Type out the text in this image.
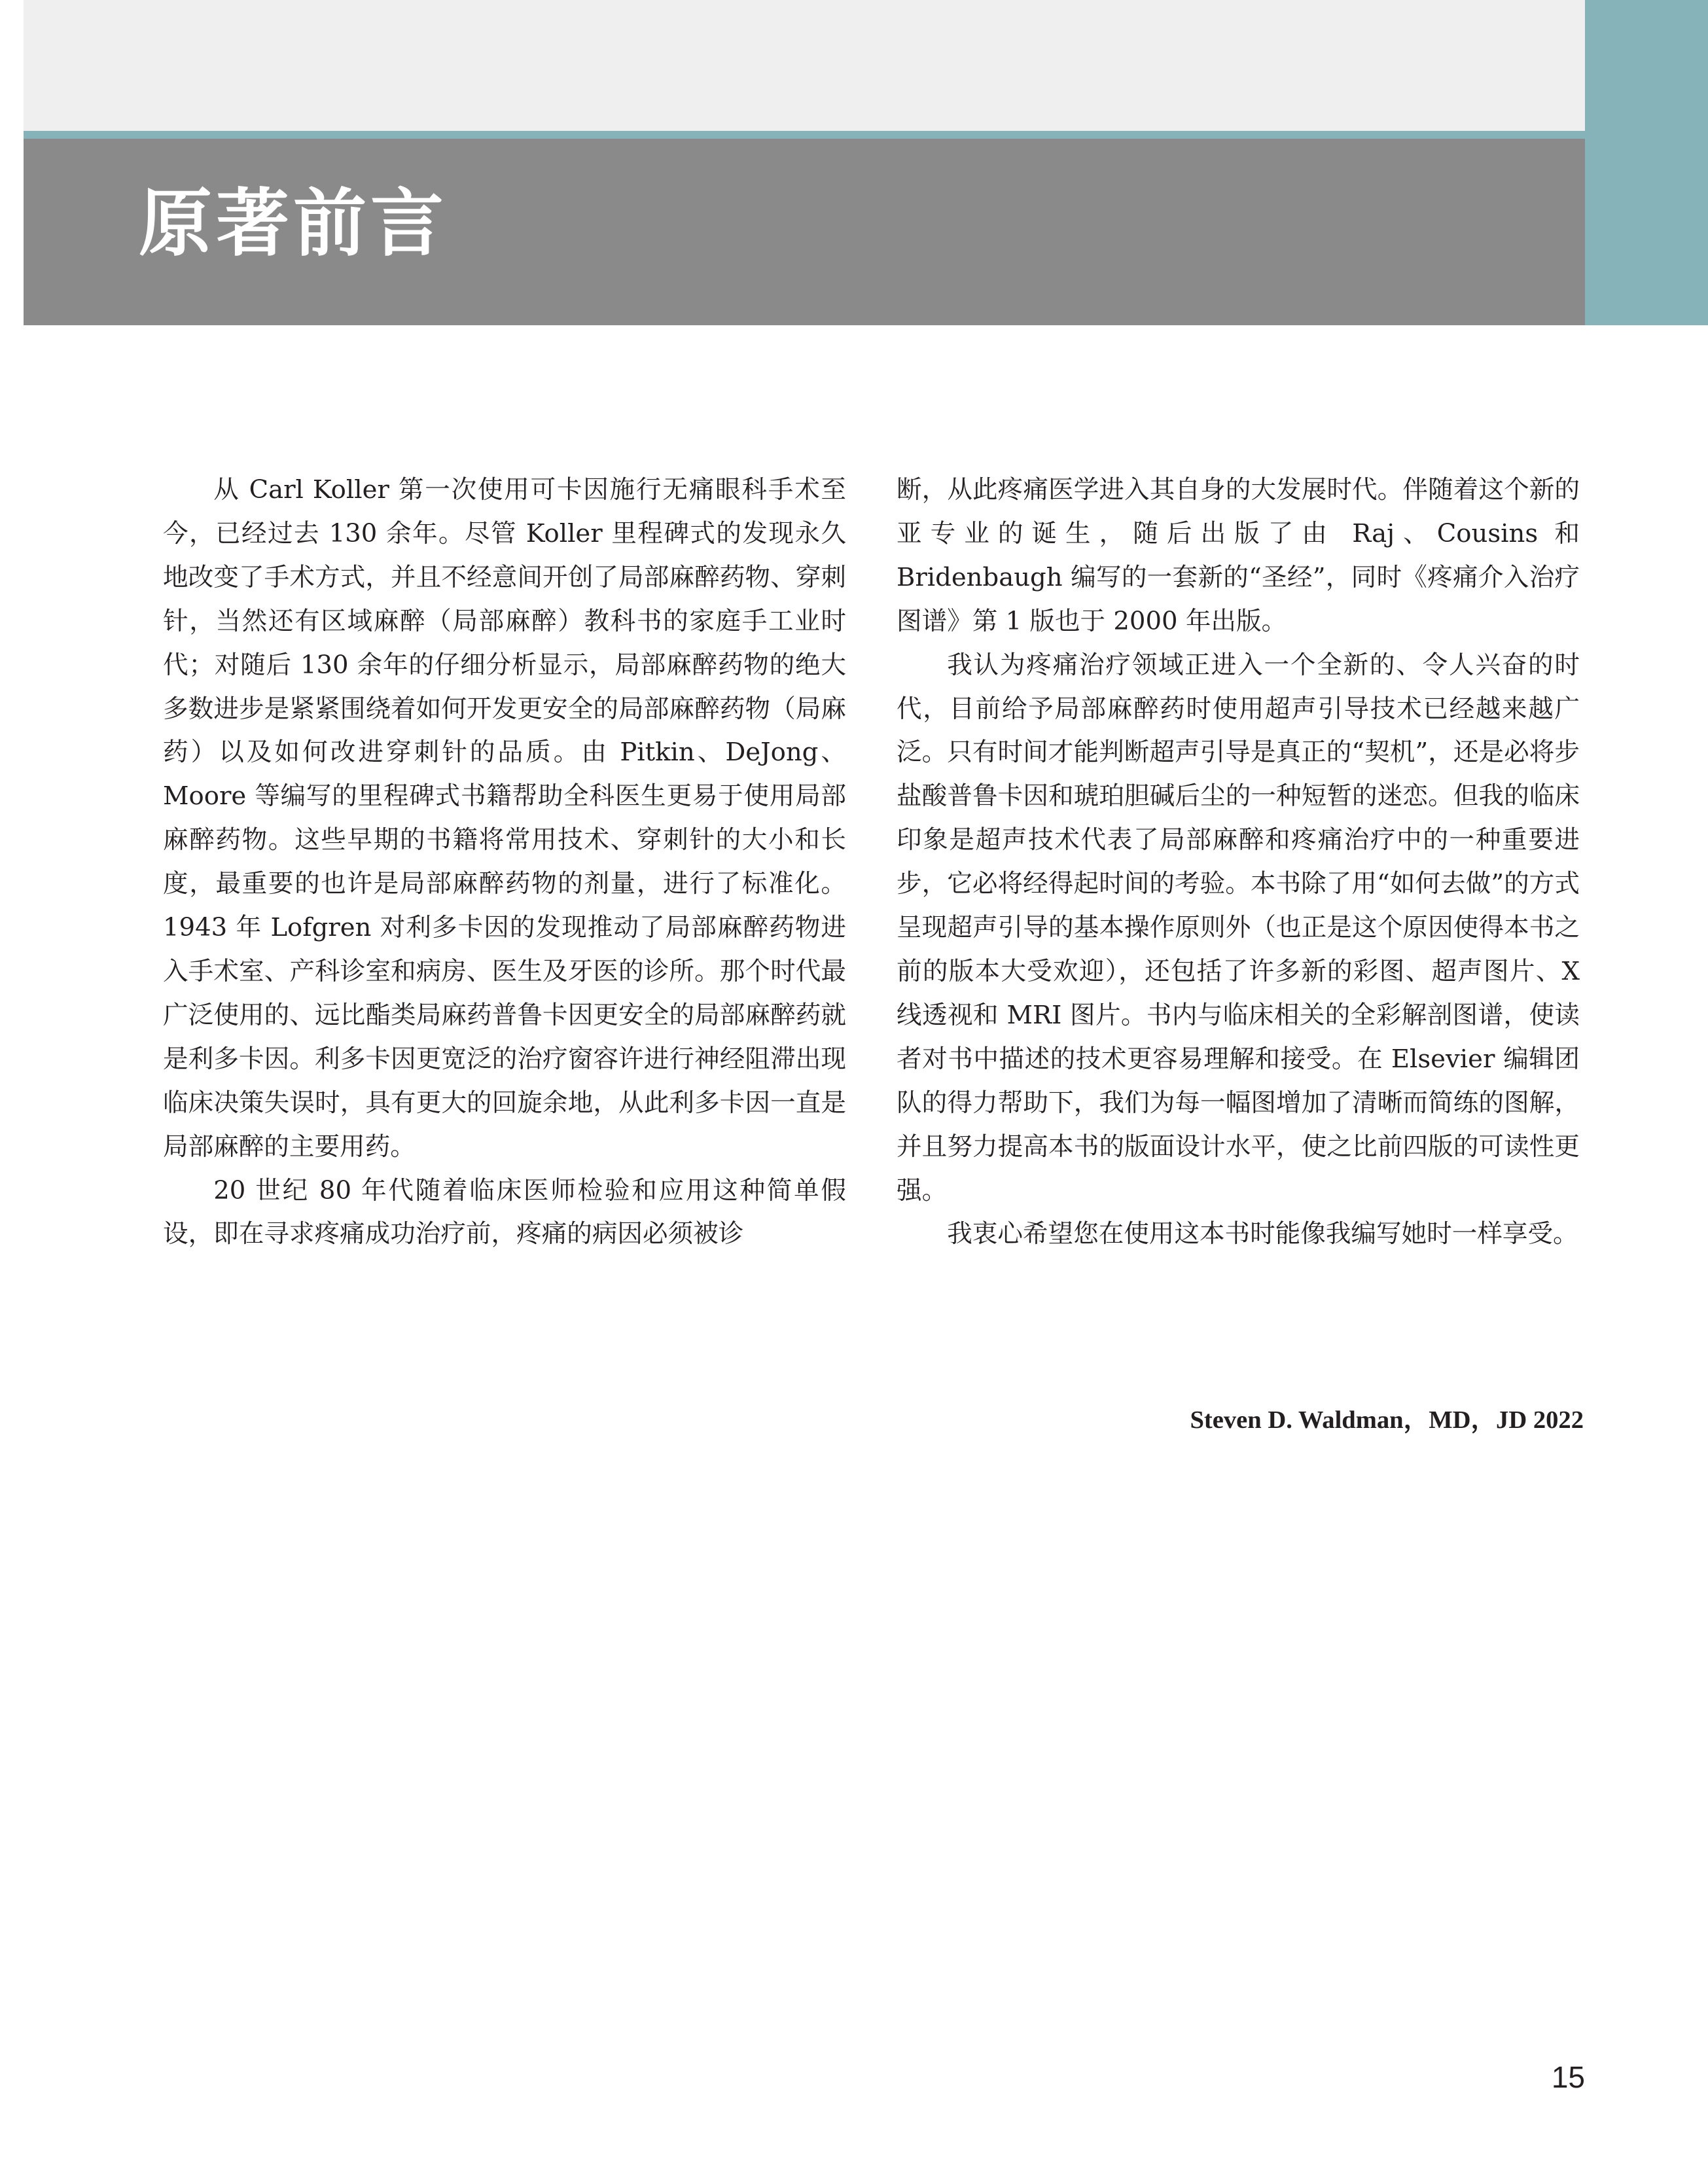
原著前言

从 Carl Koller 第一次使用可卡因施行无痛眼科手术至今，已经过去 130 余年。尽管 Koller 里程碑式的发现永久地改变了手术方式，并且不经意间开创了局部麻醉药物、穿刺针，当然还有区域麻醉（局部麻醉）教科书的家庭手工业时代；对随后 130 余年的仔细分析显示，局部麻醉药物的绝大多数进步是紧紧围绕着如何开发更安全的局部麻醉药物（局麻药）以及如何改进穿刺针的品质。由 Pitkin、DeJong、Moore 等编写的里程碑式书籍帮助全科医生更易于使用局部麻醉药物。这些早期的书籍将常用技术、穿刺针的大小和长度，最重要的也许是局部麻醉药物的剂量，进行了标准化。1943 年 Lofgren 对利多卡因的发现推动了局部麻醉药物进入手术室、产科诊室和病房、医生及牙医的诊所。那个时代最广泛使用的、远比酯类局麻药普鲁卡因更安全的局部麻醉药就是利多卡因。利多卡因更宽泛的治疗窗容许进行神经阻滞出现临床决策失误时，具有更大的回旋余地，从此利多卡因一直是局部麻醉的主要用药。

20 世纪 80 年代随着临床医师检验和应用这种简单假设，即在寻求疼痛成功治疗前，疼痛的病因必须被诊

断，从此疼痛医学进入其自身的大发展时代。伴随着这个新的亚专业的诞生，随后出版了由 Raj、Cousins 和 Bridenbaugh 编写的一套新的“圣经”，同时《疼痛介入治疗图谱》第 1 版也于 2000 年出版。

我认为疼痛治疗领域正进入一个全新的、令人兴奋的时代，目前给予局部麻醉药时使用超声引导技术已经越来越广泛。只有时间才能判断超声引导是真正的“契机”，还是必将步盐酸普鲁卡因和琥珀胆碱后尘的一种短暂的迷恋。但我的临床印象是超声技术代表了局部麻醉和疼痛治疗中的一种重要进步，它必将经得起时间的考验。本书除了用“如何去做”的方式呈现超声引导的基本操作原则外（也正是这个原因使得本书之前的版本大受欢迎），还包括了许多新的彩图、超声图片、X 线透视和 MRI 图片。书内与临床相关的全彩解剖图谱，使读者对书中描述的技术更容易理解和接受。在 Elsevier 编辑团队的得力帮助下，我们为每一幅图增加了清晰而简练的图解，并且努力提高本书的版面设计水平，使之比前四版的可读性更强。

我衷心希望您在使用这本书时能像我编写她时一样享受。

Steven D. Waldman，MD，JD 2022
15
